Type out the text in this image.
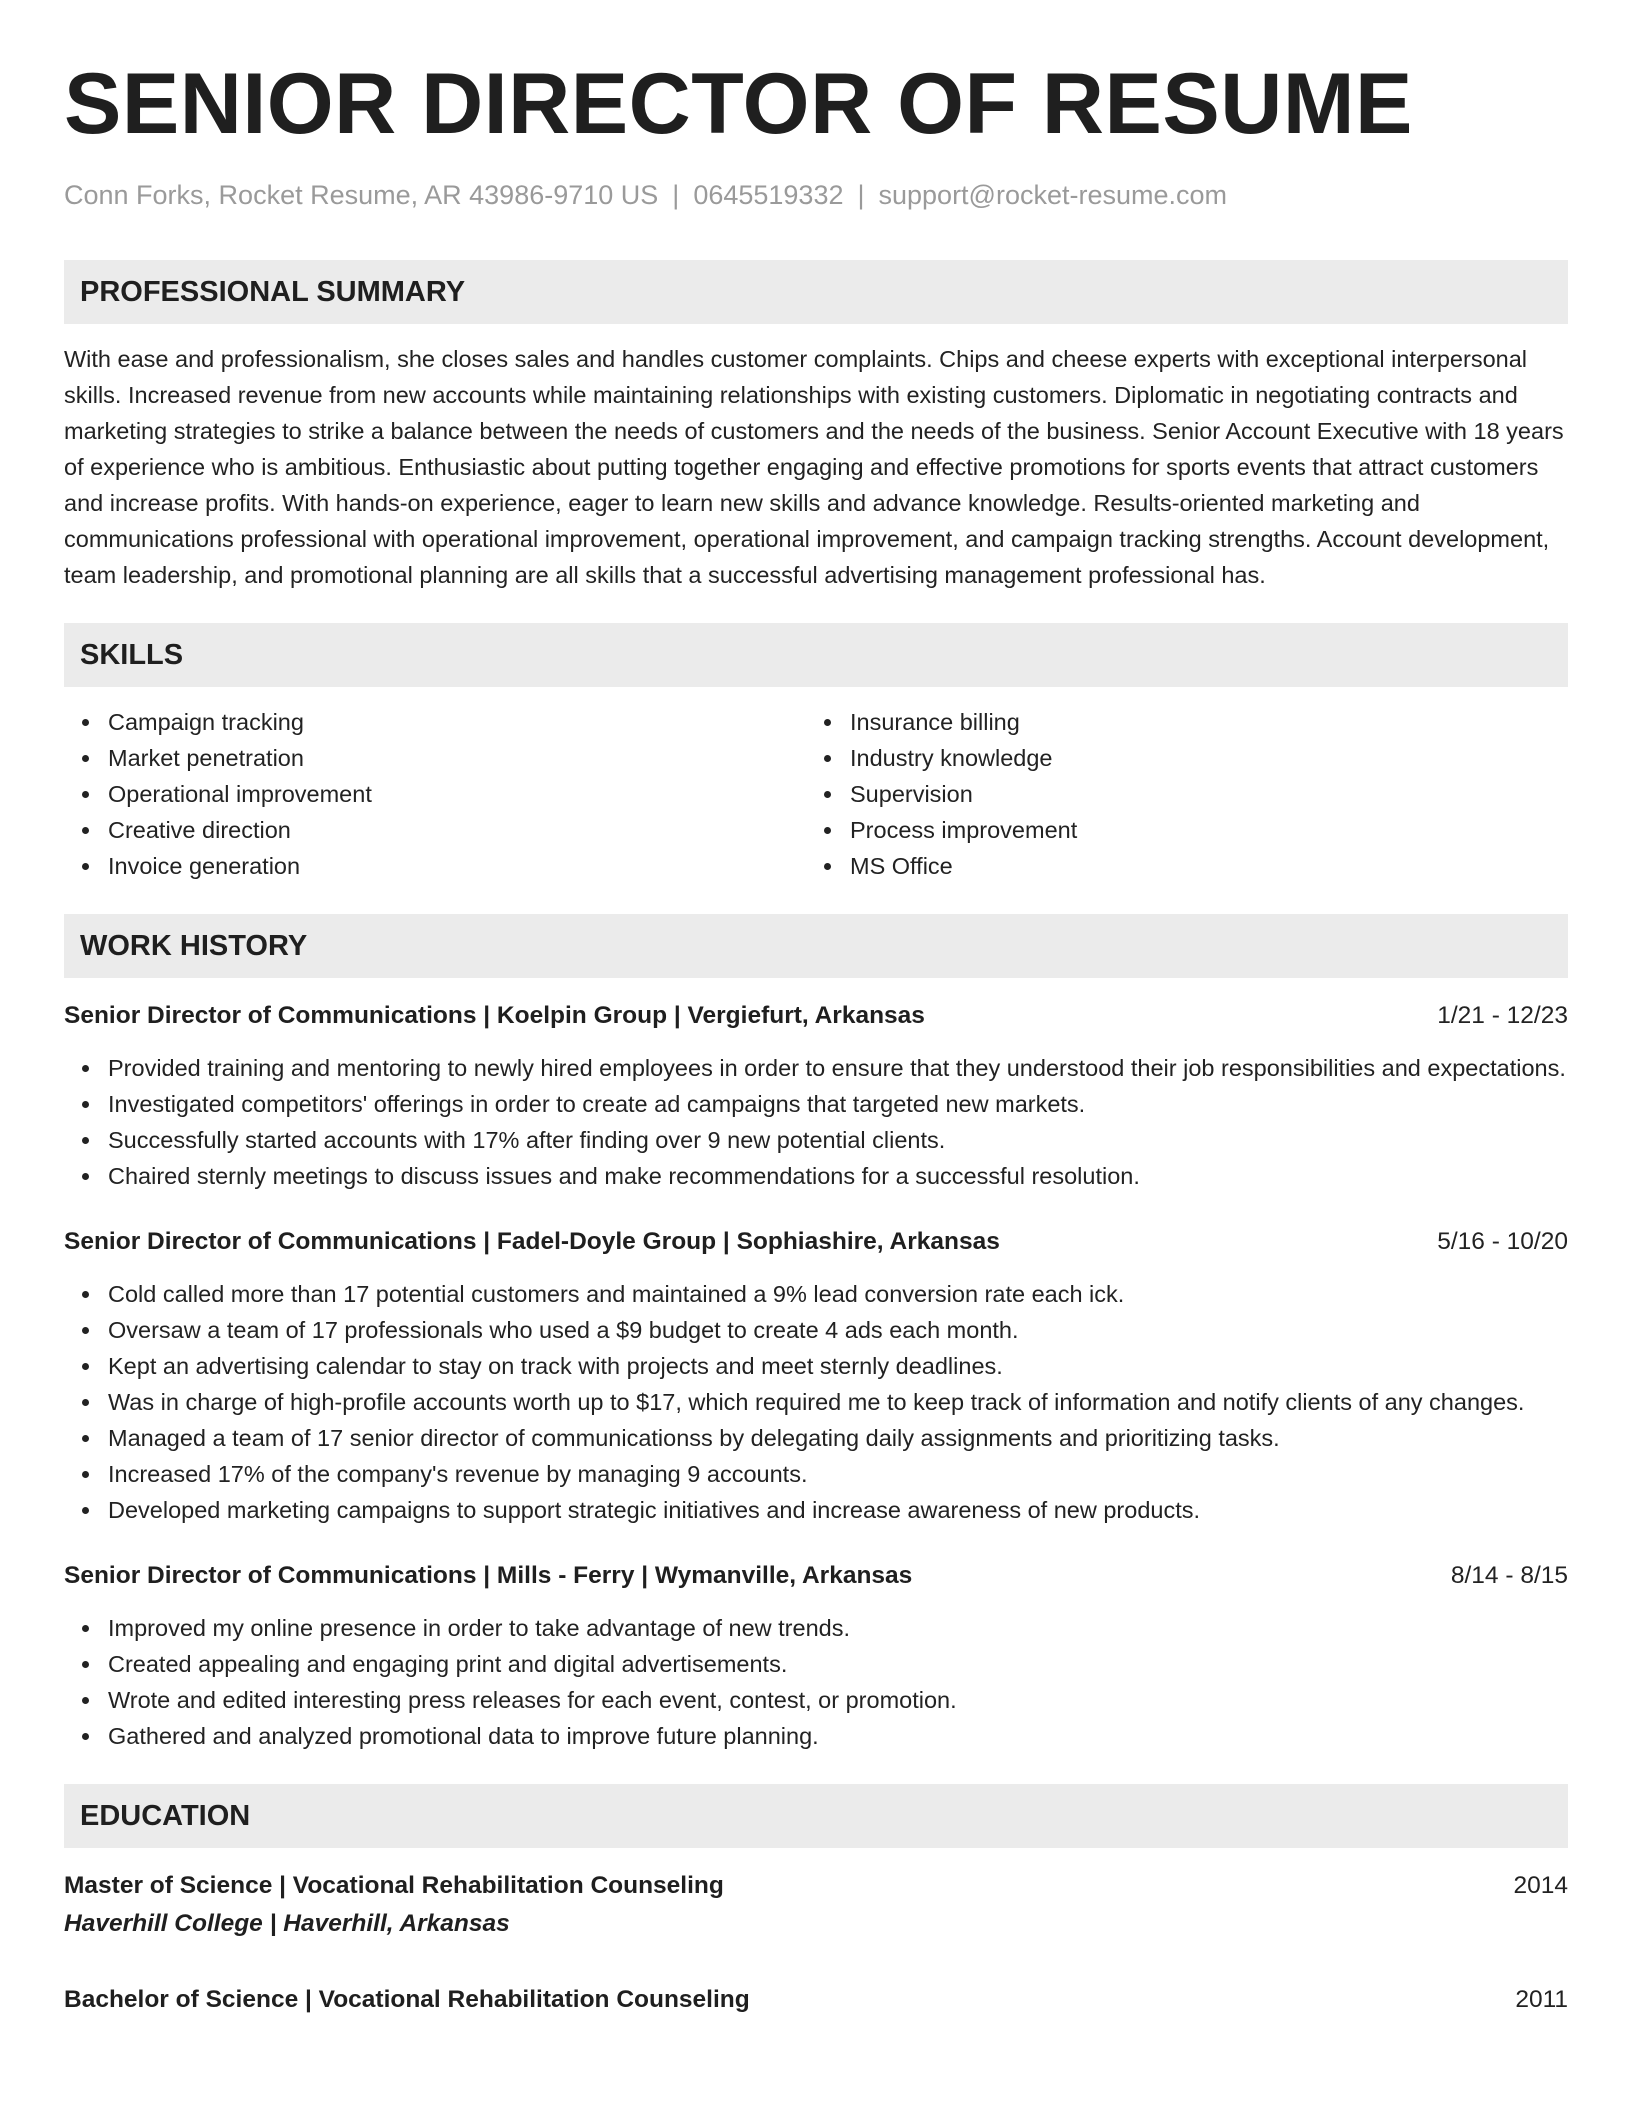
SENIOR DIRECTOR OF RESUME
Conn Forks, Rocket Resume, AR 43986-9710 US | 0645519332 | support@rocket-resume.com
PROFESSIONAL SUMMARY

With ease and professionalism, she closes sales and handles customer complaints. Chips and cheese experts with exceptional interpersonal skills. Increased revenue from new accounts while maintaining relationships with existing customers. Diplomatic in negotiating contracts and marketing strategies to strike a balance between the needs of customers and the needs of the business. Senior Account Executive with 18 years of experience who is ambitious. Enthusiastic about putting together engaging and effective promotions for sports events that attract customers and increase profits. With hands-on experience, eager to learn new skills and advance knowledge. Results-oriented marketing and communications professional with operational improvement, operational improvement, and campaign tracking strengths. Account development, team leadership, and promotional planning are all skills that a successful advertising management professional has.

SKILLS
Campaign tracking
Market penetration
Operational improvement
Creative direction
Invoice generation
Insurance billing
Industry knowledge
Supervision
Process improvement
MS Office
WORK HISTORY
Senior Director of Communications | Koelpin Group | Vergiefurt, Arkansas	1/21 - 12/23
Provided training and mentoring to newly hired employees in order to ensure that they understood their job responsibilities and expectations.
Investigated competitors' offerings in order to create ad campaigns that targeted new markets.
Successfully started accounts with 17% after finding over 9 new potential clients.
Chaired sternly meetings to discuss issues and make recommendations for a successful resolution.
Senior Director of Communications | Fadel-Doyle Group | Sophiashire, Arkansas	5/16 - 10/20
Cold called more than 17 potential customers and maintained a 9% lead conversion rate each ick.
Oversaw a team of 17 professionals who used a $9 budget to create 4 ads each month.
Kept an advertising calendar to stay on track with projects and meet sternly deadlines.
Was in charge of high-profile accounts worth up to $17, which required me to keep track of information and notify clients of any changes.
Managed a team of 17 senior director of communicationss by delegating daily assignments and prioritizing tasks.
Increased 17% of the company's revenue by managing 9 accounts.
Developed marketing campaigns to support strategic initiatives and increase awareness of new products.
Senior Director of Communications | Mills - Ferry | Wymanville, Arkansas	8/14 - 8/15
Improved my online presence in order to take advantage of new trends.
Created appealing and engaging print and digital advertisements.
Wrote and edited interesting press releases for each event, contest, or promotion.
Gathered and analyzed promotional data to improve future planning.
EDUCATION
Master of Science | Vocational Rehabilitation Counseling	2014
Haverhill College | Haverhill, Arkansas
Bachelor of Science | Vocational Rehabilitation Counseling	2011
